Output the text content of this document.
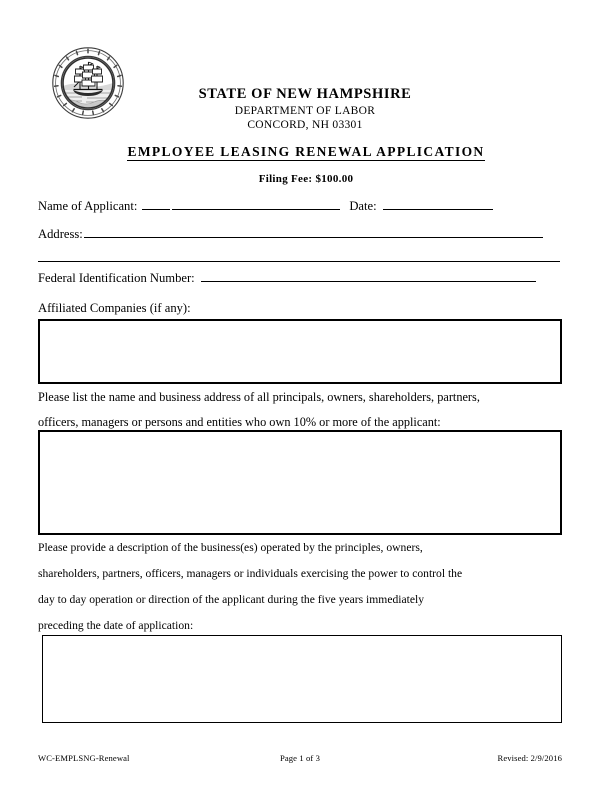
STATE OF NEW HAMPSHIRE
DEPARTMENT OF LABOR
CONCORD, NH 03301
EMPLOYEE LEASING RENEWAL APPLICATION
Filing Fee: $100.00
Name of Applicant:	Date:
Address:
Federal Identification Number:
Affiliated Companies (if any):
Please list the name and business address of all principals, owners, shareholders, partners,
officers, managers or persons and entities who own 10% or more of the applicant:
Please provide a description of the business(es) operated by the principles, owners,
shareholders, partners, officers, managers or individuals exercising the power to control the
day to day operation or direction of the applicant during the five years immediately
preceding the date of application:
WC-EMPLSNG-Renewal	Page 1 of 3	Revised: 2/9/2016
